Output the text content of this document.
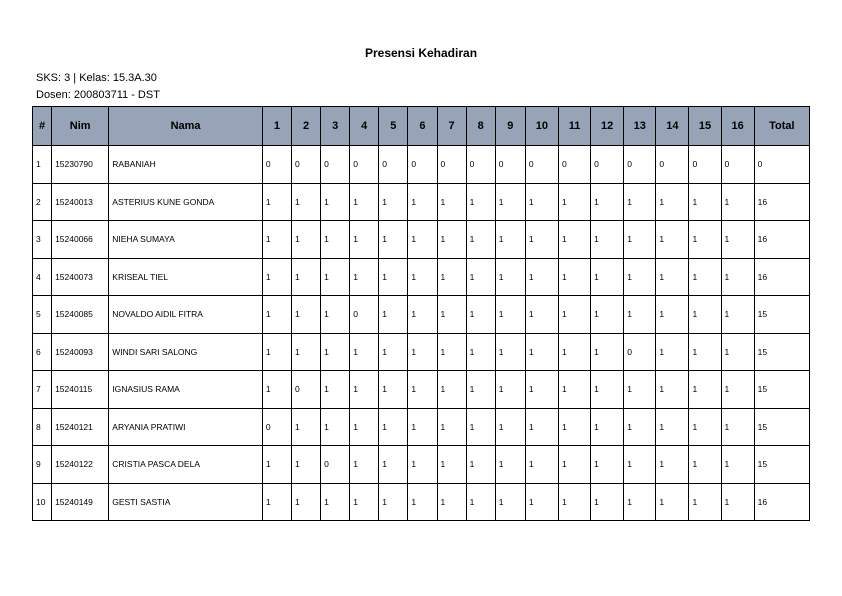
Presensi Kehadiran
SKS: 3 | Kelas: 15.3A.30
Dosen: 200803711 - DST
#	Nim	Nama	1	2	3	4	5	6	7	8	9	10	11	12	13	14	15	16	Total
1	15230790	RABANIAH	0	0	0	0	0	0	0	0	0	0	0	0	0	0	0	0	0
2	15240013	ASTERIUS KUNE GONDA	1	1	1	1	1	1	1	1	1	1	1	1	1	1	1	1	16
3	15240066	NIEHA SUMAYA	1	1	1	1	1	1	1	1	1	1	1	1	1	1	1	1	16
4	15240073	KRISEAL TIEL	1	1	1	1	1	1	1	1	1	1	1	1	1	1	1	1	16
5	15240085	NOVALDO AIDIL FITRA	1	1	1	0	1	1	1	1	1	1	1	1	1	1	1	1	15
6	15240093	WINDI SARI SALONG	1	1	1	1	1	1	1	1	1	1	1	1	0	1	1	1	15
7	15240115	IGNASIUS RAMA	1	0	1	1	1	1	1	1	1	1	1	1	1	1	1	1	15
8	15240121	ARYANIA PRATIWI	0	1	1	1	1	1	1	1	1	1	1	1	1	1	1	1	15
9	15240122	CRISTIA PASCA DELA	1	1	0	1	1	1	1	1	1	1	1	1	1	1	1	1	15
10	15240149	GESTI SASTIA	1	1	1	1	1	1	1	1	1	1	1	1	1	1	1	1	16
